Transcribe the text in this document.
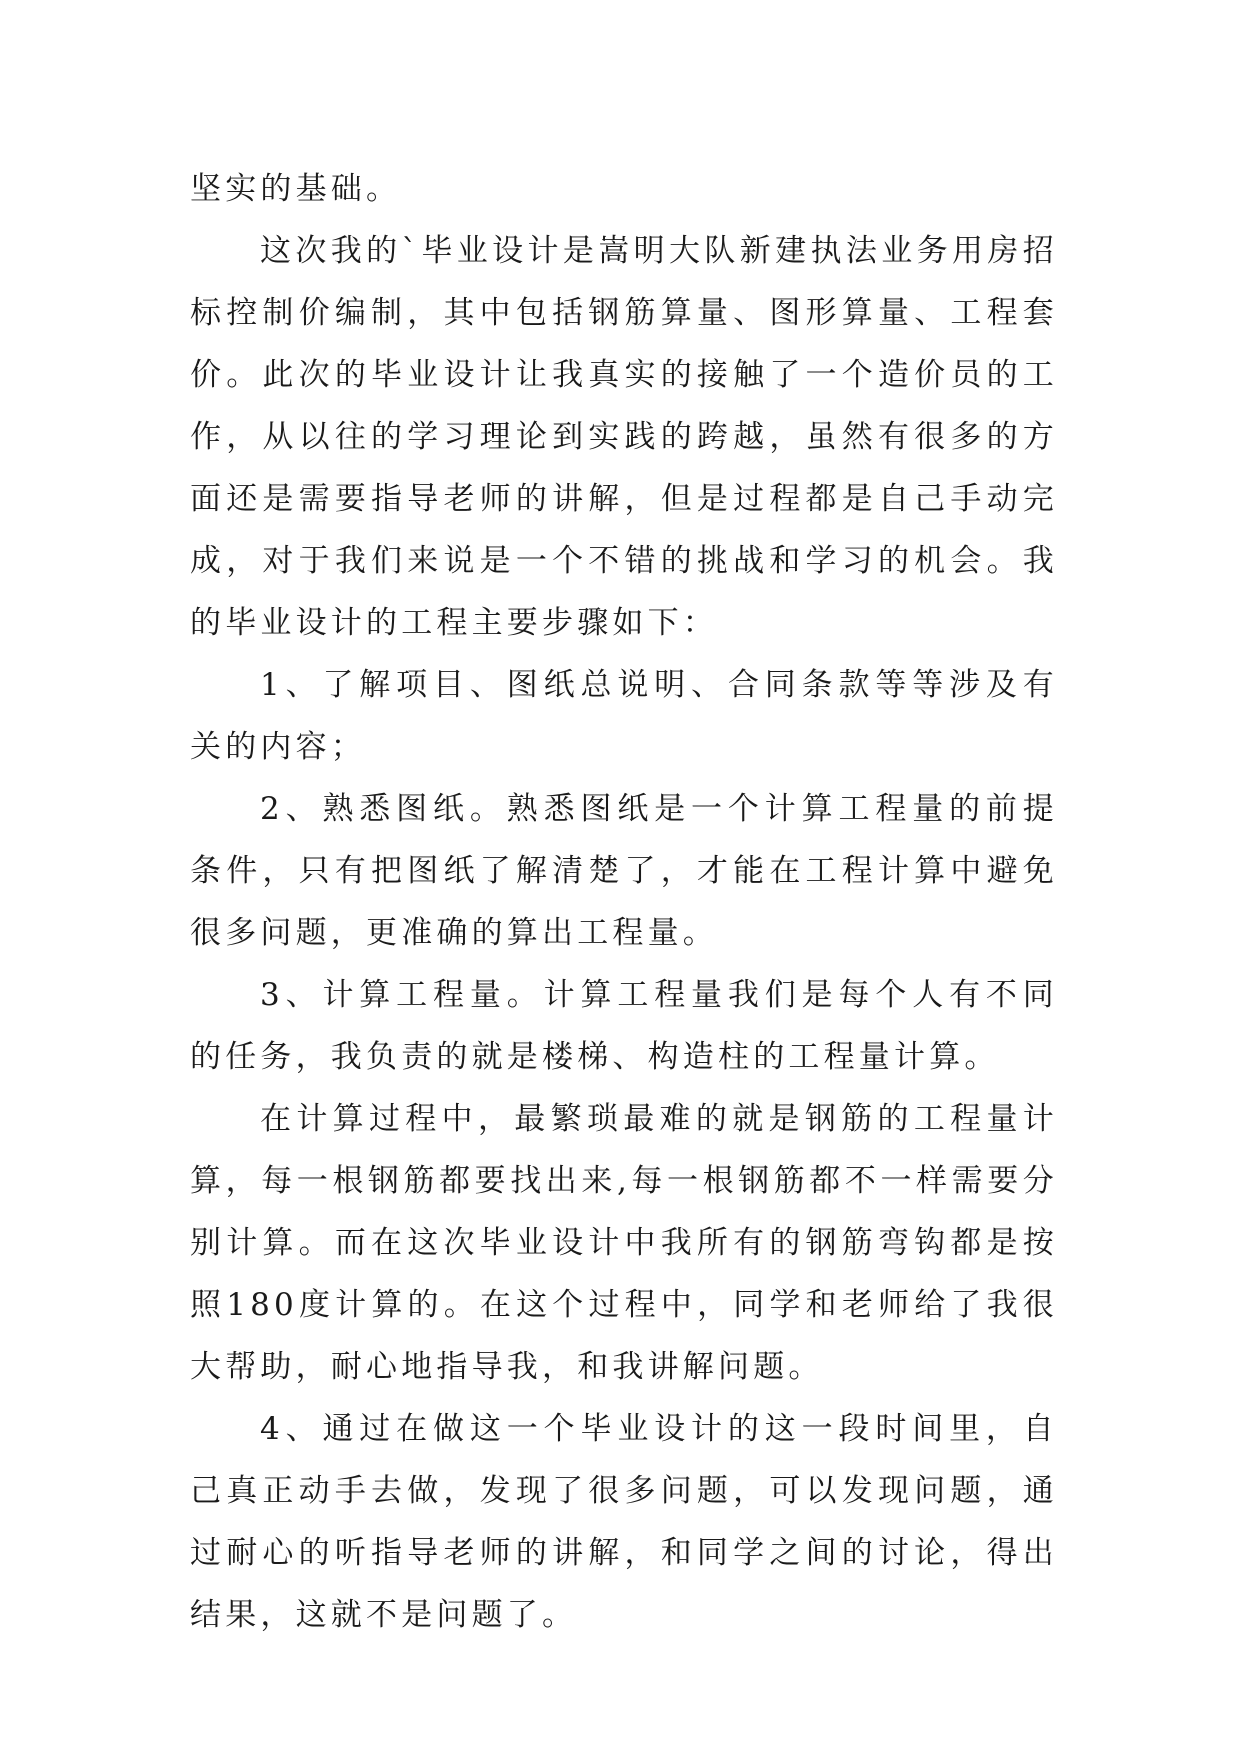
坚实的基础。

这次我的`毕业设计是嵩明大队新建执法业务用房招标控制价编制，其中包括钢筋算量、图形算量、工程套价。此次的毕业设计让我真实的接触了一个造价员的工作，从以往的学习理论到实践的跨越，虽然有很多的方面还是需要指导老师的讲解，但是过程都是自己手动完成，对于我们来说是一个不错的挑战和学习的机会。我的毕业设计的工程主要步骤如下：

1、了解项目、图纸总说明、合同条款等等涉及有关的内容；

2、熟悉图纸。熟悉图纸是一个计算工程量的前提条件，只有把图纸了解清楚了，才能在工程计算中避免很多问题，更准确的算出工程量。

3、计算工程量。计算工程量我们是每个人有不同的任务，我负责的就是楼梯、构造柱的工程量计算。

在计算过程中，最繁琐最难的就是钢筋的工程量计算，每一根钢筋都要找出来,每一根钢筋都不一样需要分别计算。而在这次毕业设计中我所有的钢筋弯钩都是按照180度计算的。在这个过程中，同学和老师给了我很大帮助，耐心地指导我，和我讲解问题。

4、通过在做这一个毕业设计的这一段时间里，自己真正动手去做，发现了很多问题，可以发现问题，通过耐心的听指导老师的讲解，和同学之间的讨论，得出结果，这就不是问题了。
